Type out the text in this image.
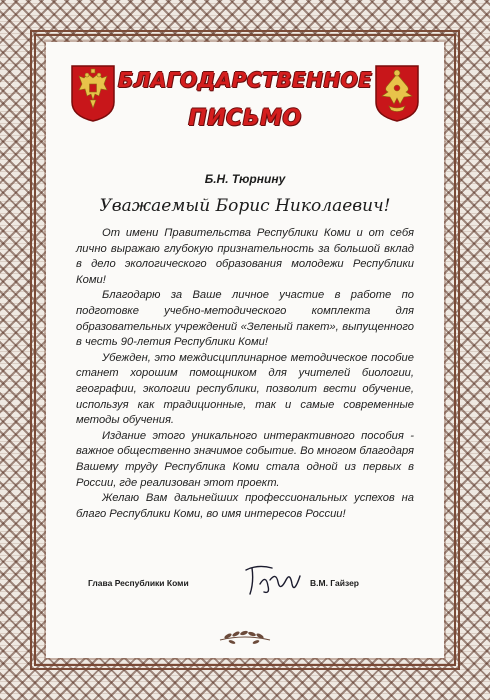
БЛАГОДАРСТВЕННОЕ
ПИСЬМО
Б.Н. Тюрнину
Уважаемый Борис Николаевич!

От имени Правительства Республики Коми и от себя лично выражаю глубокую признательность за большой вклад в дело экологического образования молодежи Республики Коми!

Благодарю за Ваше личное участие в работе по подготовке учебно-методического комплекта для образовательных учреждений «Зеленый пакет», выпущенного в честь 90-летия Республики Коми!

Убежден, это междисциплинарное методическое пособие станет хорошим помощником для учителей биологии, географии, экологии республики, позволит вести обучение, используя как традиционные, так и самые современные методы обучения.

Издание этого уникального интерактивного пособия - важное общественно значимое событие. Во многом благодаря Вашему труду Республика Коми стала одной из первых в России, где реализован этот проект.

Желаю Вам дальнейших профессиональных успехов на благо Республики Коми, во имя интересов России!

Глава Республики Коми	В.М. Гайзер
